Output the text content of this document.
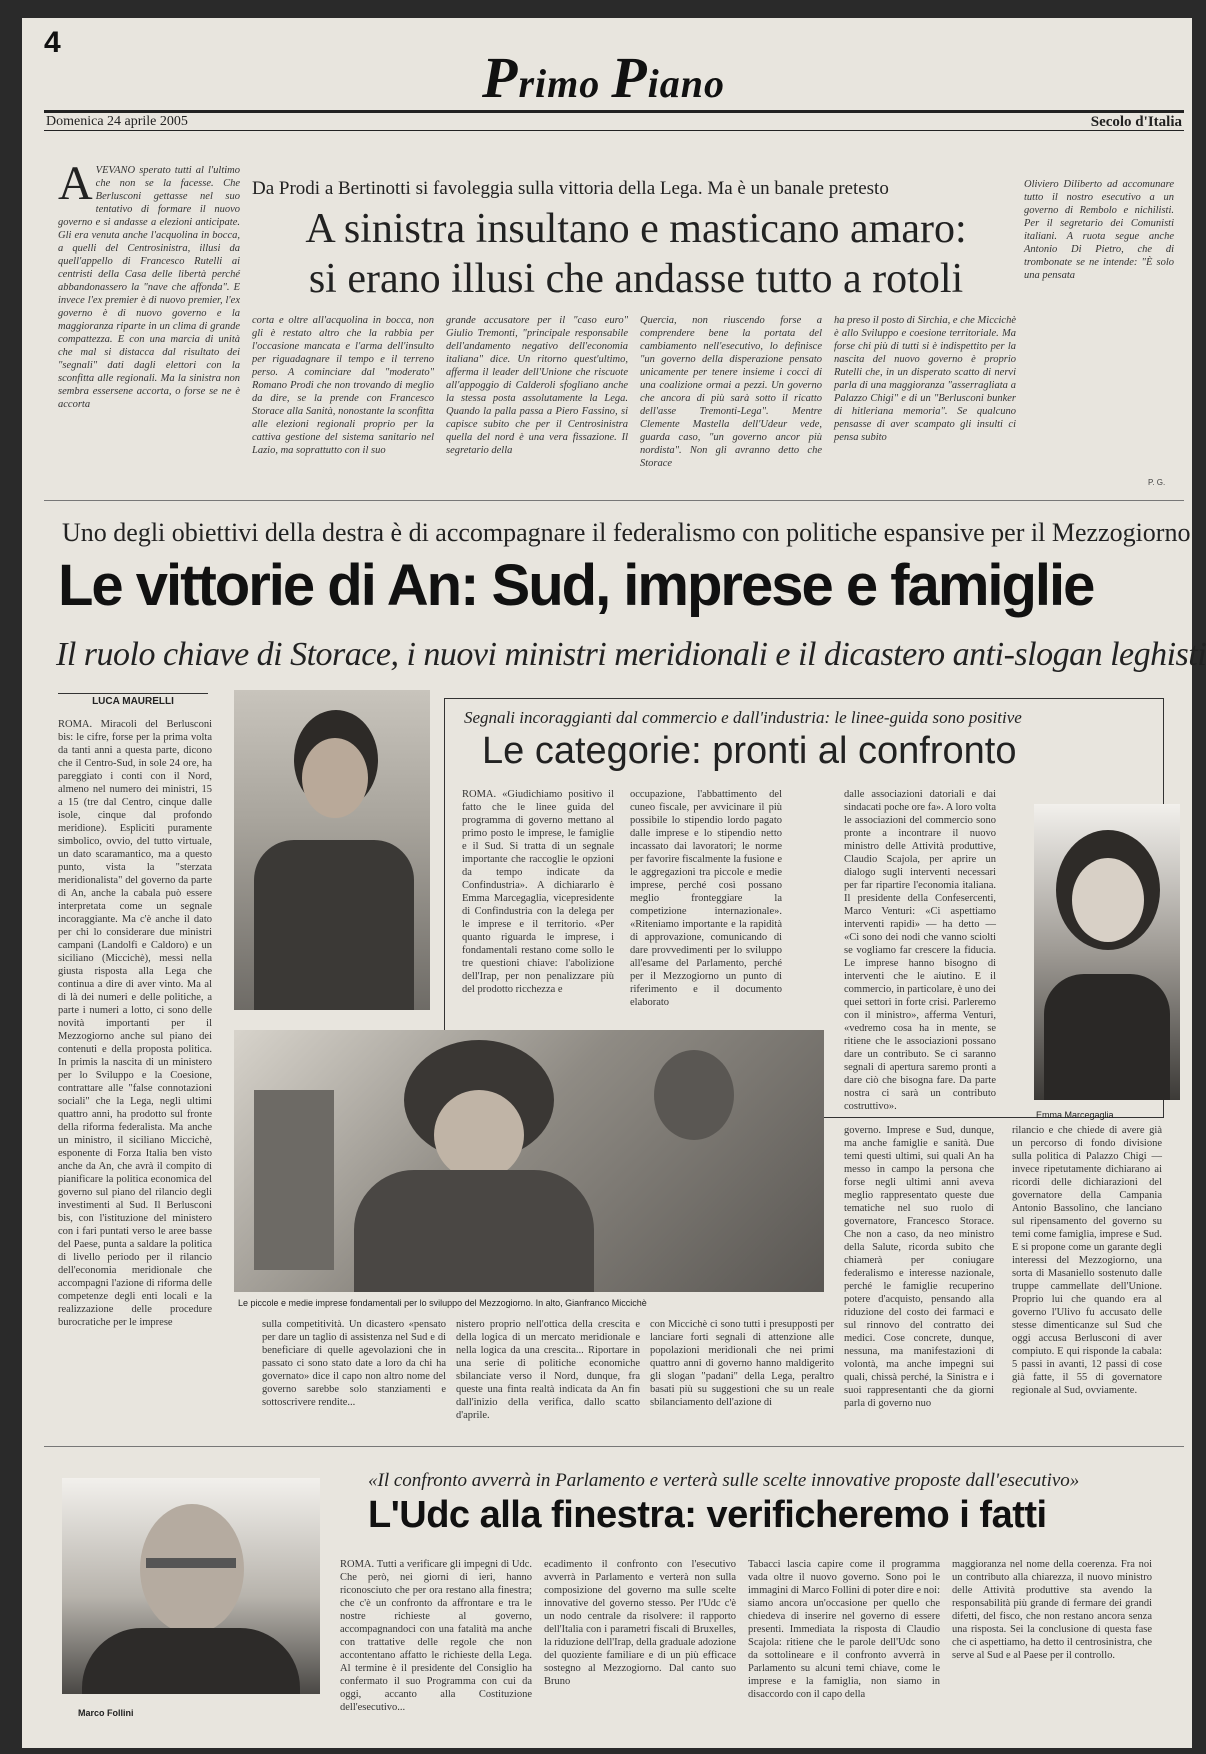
4
Primo Piano
Domenica 24 aprile 2005	Secolo d'Italia
AVEVANO sperato tutti al l'ultimo che non se la facesse. Che Berlusconi gettasse nel suo tentativo di formare il nuovo governo e si andasse a elezioni anticipate. Gli era venuta anche l'acquolina in bocca, a quelli del Centrosinistra, illusi da quell'appello di Francesco Rutelli ai centristi della Casa delle libertà perché abbandonassero la "nave che affonda". E invece l'ex premier è di nuovo premier, l'ex governo è di nuovo governo e la maggioranza riparte in un clima di grande compattezza. E con una marcia di unità che mal si distacca dal risultato dei "segnali" dati dagli elettori con la sconfitta alle regionali. Ma la sinistra non sembra essersene accorta, o forse se ne è accorta
Da Prodi a Bertinotti si favoleggia sulla vittoria della Lega. Ma è un banale pretesto
A sinistra insultano e masticano amaro:
si erano illusi che andasse tutto a rotoli
corta e oltre all'acquolina in bocca, non gli è restato altro che la rabbia per l'occasione mancata e l'arma dell'insulto per riguadagnare il tempo e il terreno perso. A cominciare dal "moderato" Romano Prodi che non trovando di meglio da dire, se la prende con Francesco Storace alla Sanità, nonostante la sconfitta alle elezioni regionali proprio per la cattiva gestione del sistema sanitario nel Lazio, ma soprattutto con il suo
grande accusatore per il "caso euro" Giulio Tremonti, "principale responsabile dell'andamento negativo dell'economia italiana" dice. Un ritorno quest'ultimo, afferma il leader dell'Unione che riscuote all'appoggio di Calderoli sfogliano anche la stessa posta assolutamente la Lega. Quando la palla passa a Piero Fassino, si capisce subito che per il Centrosinistra quella del nord è una vera fissazione. Il segretario della
Quercia, non riuscendo forse a comprendere bene la portata del cambiamento nell'esecutivo, lo definisce "un governo della disperazione pensato unicamente per tenere insieme i cocci di una coalizione ormai a pezzi. Un governo che ancora di più sarà sotto il ricatto dell'asse Tremonti-Lega". Mentre Clemente Mastella dell'Udeur vede, guarda caso, "un governo ancor più nordista". Non gli avranno detto che Storace
ha preso il posto di Sirchia, e che Miccichè è allo Sviluppo e coesione territoriale. Ma forse chi più di tutti si è indispettito per la nascita del nuovo governo è proprio Rutelli che, in un disperato scatto di nervi parla di una maggioranza "asserragliata a Palazzo Chigi" e di un "Berlusconi bunker di hitleriana memoria". Se qualcuno pensasse di aver scampato gli insulti ci pensa subito
Oliviero Diliberto ad accomunare tutto il nostro esecutivo a un governo di Rembolo e nichilisti. Per il segretario dei Comunisti italiani. A ruota segue anche Antonio Di Pietro, che di trombonate se ne intende: "È solo una pensata
P. G.
Uno degli obiettivi della destra è di accompagnare il federalismo con politiche espansive per il Mezzogiorno
Le vittorie di An: Sud, imprese e famiglie
Il ruolo chiave di Storace, i nuovi ministri meridionali e il dicastero anti-slogan leghisti
LUCA MAURELLI
ROMA. Miracoli del Berlusconi bis: le cifre, forse per la prima volta da tanti anni a questa parte, dicono che il Centro-Sud, in sole 24 ore, ha pareggiato i conti con il Nord, almeno nel numero dei ministri, 15 a 15 (tre dal Centro, cinque dalle isole, cinque dal profondo meridione). Espliciti puramente simbolico, ovvio, del tutto virtuale, un dato scaramantico, ma a questo punto, vista la "sterzata meridionalista" del governo da parte di An, anche la cabala può essere interpretata come un segnale incoraggiante. Ma c'è anche il dato per chi lo considerare due ministri campani (Landolfi e Caldoro) e un siciliano (Miccichè), messi nella giusta risposta alla Lega che continua a dire di aver vinto. Ma al di là dei numeri e delle politiche, a parte i numeri a lotto, ci sono delle novità importanti per il Mezzogiorno anche sul piano dei contenuti e della proposta politica. In primis la nascita di un ministero per lo Sviluppo e la Coesione, contrattare alle "false connotazioni sociali" che la Lega, negli ultimi quattro anni, ha prodotto sul fronte della riforma federalista. Ma anche un ministro, il siciliano Miccichè, esponente di Forza Italia ben visto anche da An, che avrà il compito di pianificare la politica economica del governo sul piano del rilancio degli investimenti al Sud. Il Berlusconi bis, con l'istituzione del ministero con i fari puntati verso le aree basse del Paese, punta a saldare la politica di livello periodo per il rilancio dell'economia meridionale che accompagni l'azione di riforma delle competenze degli enti locali e la realizzazione delle procedure burocratiche per le imprese
Segnali incoraggianti dal commercio e dall'industria: le linee-guida sono positive
Le categorie: pronti al confronto
ROMA. «Giudichiamo positivo il fatto che le linee guida del programma di governo mettano al primo posto le imprese, le famiglie e il Sud. Si tratta di un segnale importante che raccoglie le opzioni da tempo indicate da Confindustria». A dichiararlo è Emma Marcegaglia, vicepresidente di Confindustria con la delega per le imprese e il territorio. «Per quanto riguarda le imprese, i fondamentali restano come sollo le tre questioni chiave: l'abolizione dell'Irap, per non penalizzare più del prodotto ricchezza e
occupazione, l'abbattimento del cuneo fiscale, per avvicinare il più possibile lo stipendio lordo pagato dalle imprese e lo stipendio netto incassato dai lavoratori; le norme per favorire fiscalmente la fusione e le aggregazioni tra piccole e medie imprese, perché così possano meglio fronteggiare la competizione internazionale». «Riteniamo importante e la rapidità di approvazione, comunicando di dare provvedimenti per lo sviluppo all'esame del Parlamento, perché per il Mezzogiorno un punto di riferimento e il documento elaborato
dalle associazioni datoriali e dai sindacati poche ore fa». A loro volta le associazioni del commercio sono pronte a incontrare il nuovo ministro delle Attività produttive, Claudio Scajola, per aprire un dialogo sugli interventi necessari per far ripartire l'economia italiana. Il presidente della Confesercenti, Marco Venturi: «Ci aspettiamo interventi rapidi» — ha detto — «Ci sono dei nodi che vanno sciolti se vogliamo far crescere la fiducia. Le imprese hanno bisogno di interventi che le aiutino. E il commercio, in particolare, è uno dei quei settori in forte crisi. Parleremo con il ministro», afferma Venturi, «vedremo cosa ha in mente, se ritiene che le associazioni possano dare un contributo. Se ci saranno segnali di apertura saremo pronti a dare ciò che bisogna fare. Da parte nostra ci sarà un contributo costruttivo».
Emma Marcegaglia
Le piccole e medie imprese fondamentali per lo sviluppo del Mezzogiorno. In alto, Gianfranco Miccichè
governo. Imprese e Sud, dunque, ma anche famiglie e sanità. Due temi questi ultimi, sui quali An ha messo in campo la persona che forse negli ultimi anni aveva meglio rappresentato queste due tematiche nel suo ruolo di governatore, Francesco Storace. Che non a caso, da neo ministro della Salute, ricorda subito che chiamerà per coniugare federalismo e interesse nazionale, perché le famiglie recuperino potere d'acquisto, pensando alla riduzione del costo dei farmaci e sul rinnovo del contratto dei medici. Cose concrete, dunque, nessuna, ma manifestazioni di volontà, ma anche impegni sui quali, chissà perché, la Sinistra e i suoi rappresentanti che da giorni parla di governo nuo
rilancio e che chiede di avere già un percorso di fondo divisione sulla politica di Palazzo Chigi — invece ripetutamente dichiarano ai ricordi delle dichiarazioni del governatore della Campania Antonio Bassolino, che lanciano sul ripensamento del governo su temi come famiglia, imprese e Sud. E si propone come un garante degli interessi del Mezzogiorno, una sorta di Masaniello sostenuto dalle truppe cammellate dell'Unione. Proprio lui che quando era al governo l'Ulivo fu accusato delle stesse dimenticanze sul Sud che oggi accusa Berlusconi di aver compiuto. E qui risponde la cabala: 5 passi in avanti, 12 passi di cose già fatte, il 55 di governatore regionale al Sud, ovviamente.
sulla competitività. Un dicastero «pensato per dare un taglio di assistenza nel Sud e di beneficiare di quelle agevolazioni che in passato ci sono stato date a loro da chi ha governato» dice il capo non altro nome del governo sarebbe solo stanziamenti e sottoscrivere rendite...
nistero proprio nell'ottica della crescita e della logica di un mercato meridionale e nella logica da una crescita... Riportare in una serie di politiche economiche sbilanciate verso il Nord, dunque, fra queste una finta realtà indicata da An fin dall'inizio della verifica, dallo scatto d'aprile.
con Miccichè ci sono tutti i presupposti per lanciare forti segnali di attenzione alle popolazioni meridionali che nei primi quattro anni di governo hanno maldigerito gli slogan "padani" della Lega, peraltro basati più su suggestioni che su un reale sbilanciamento dell'azione di
Marco Follini
«Il confronto avverrà in Parlamento e verterà sulle scelte innovative proposte dall'esecutivo»
L'Udc alla finestra: verificheremo i fatti
ROMA. Tutti a verificare gli impegni di Udc. Che però, nei giorni di ieri, hanno riconosciuto che per ora restano alla finestra; che c'è un confronto da affrontare e tra le nostre richieste al governo, accompagnandoci con una fatalità ma anche con trattative delle regole che non accontentano affatto le richieste della Lega. Al termine è il presidente del Consiglio ha confermato il suo Programma con cui da oggi, accanto alla Costituzione dell'esecutivo...
ecadimento il confronto con l'esecutivo avverrà in Parlamento e verterà non sulla composizione del governo ma sulle scelte innovative del governo stesso. Per l'Udc c'è un nodo centrale da risolvere: il rapporto dell'Italia con i parametri fiscali di Bruxelles, la riduzione dell'Irap, della graduale adozione del quoziente familiare e di un più efficace sostegno al Mezzogiorno. Dal canto suo Bruno
Tabacci lascia capire come il programma vada oltre il nuovo governo. Sono poi le immagini di Marco Follini di poter dire e noi: siamo ancora un'occasione per quello che chiedeva di inserire nel governo di essere presenti. Immediata la risposta di Claudio Scajola: ritiene che le parole dell'Udc sono da sottolineare e il confronto avverrà in Parlamento su alcuni temi chiave, come le imprese e la famiglia, non siamo in disaccordo con il capo della
maggioranza nel nome della coerenza. Fra noi un contributo alla chiarezza, il nuovo ministro delle Attività produttive sta avendo la responsabilità più grande di fermare dei grandi difetti, del fisco, che non restano ancora senza una risposta. Sei la conclusione di questa fase che ci aspettiamo, ha detto il centrosinistra, che serve al Sud e al Paese per il controllo.
